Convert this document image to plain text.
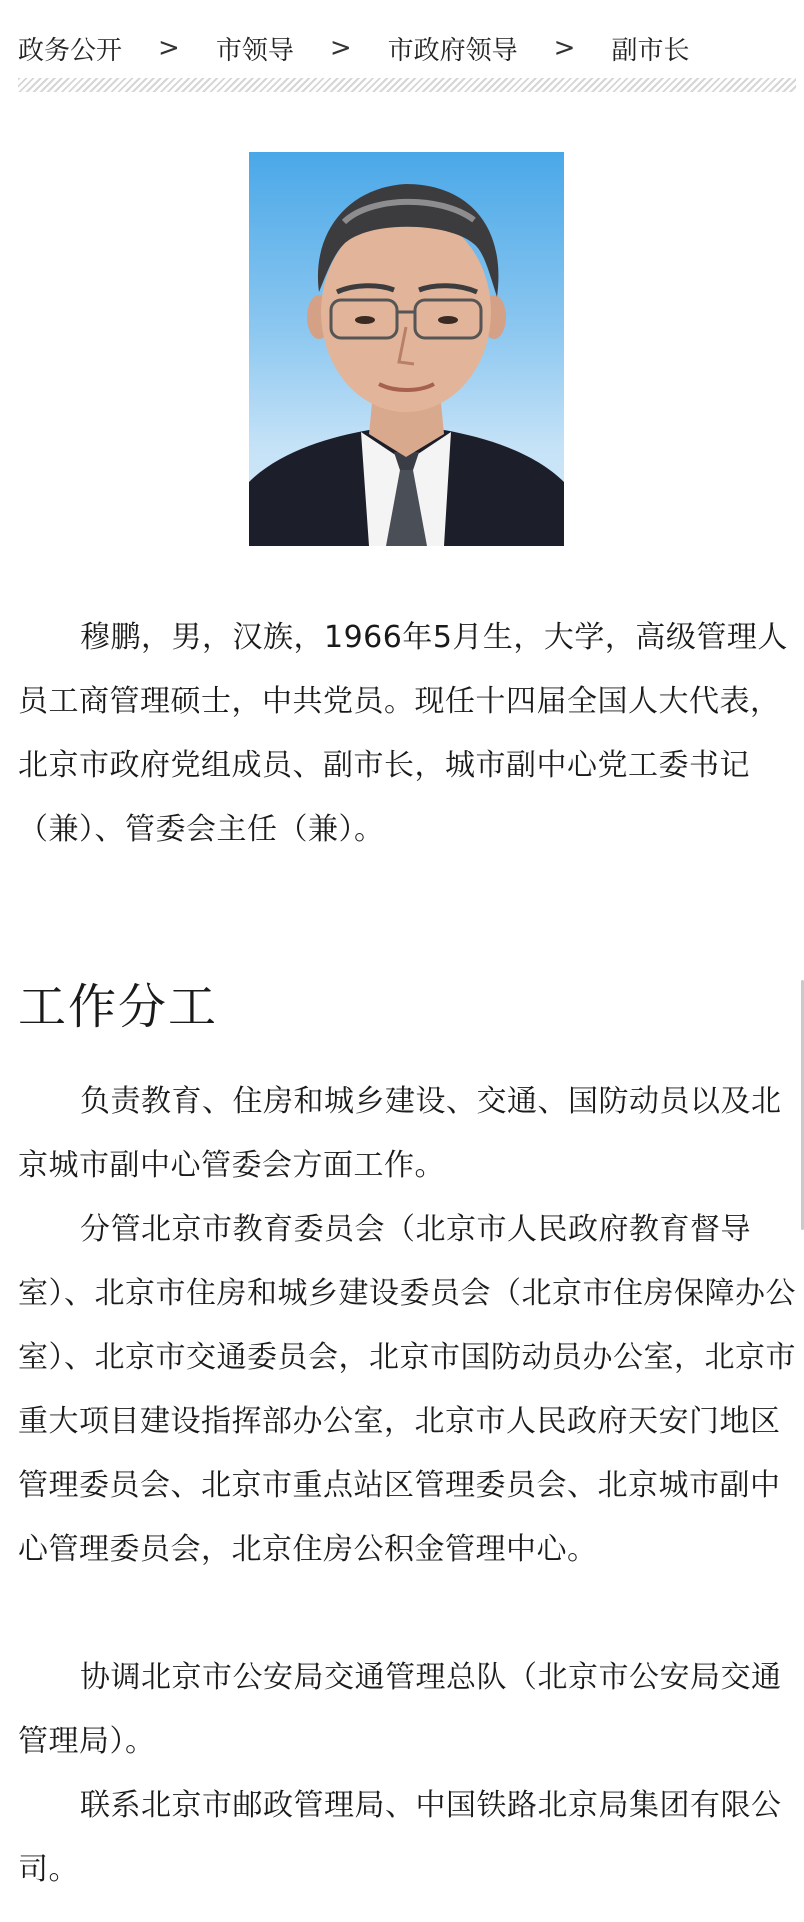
政务公开 > 市领导 > 市政府领导 > 副市长

穆鹏，男，汉族，1966年5月生，大学，高级管理人员工商管理硕士，中共党员。现任十四届全国人大代表，北京市政府党组成员、副市长，城市副中心党工委书记（兼）、管委会主任（兼）。

工作分工

负责教育、住房和城乡建设、交通、国防动员以及北京城市副中心管委会方面工作。

分管北京市教育委员会（北京市人民政府教育督导室）、北京市住房和城乡建设委员会（北京市住房保障办公室）、北京市交通委员会，北京市国防动员办公室，北京市重大项目建设指挥部办公室，北京市人民政府天安门地区管理委员会、北京市重点站区管理委员会、北京城市副中心管理委员会，北京住房公积金管理中心。

协调北京市公安局交通管理总队（北京市公安局交通管理局）。

联系北京市邮政管理局、中国铁路北京局集团有限公司。
